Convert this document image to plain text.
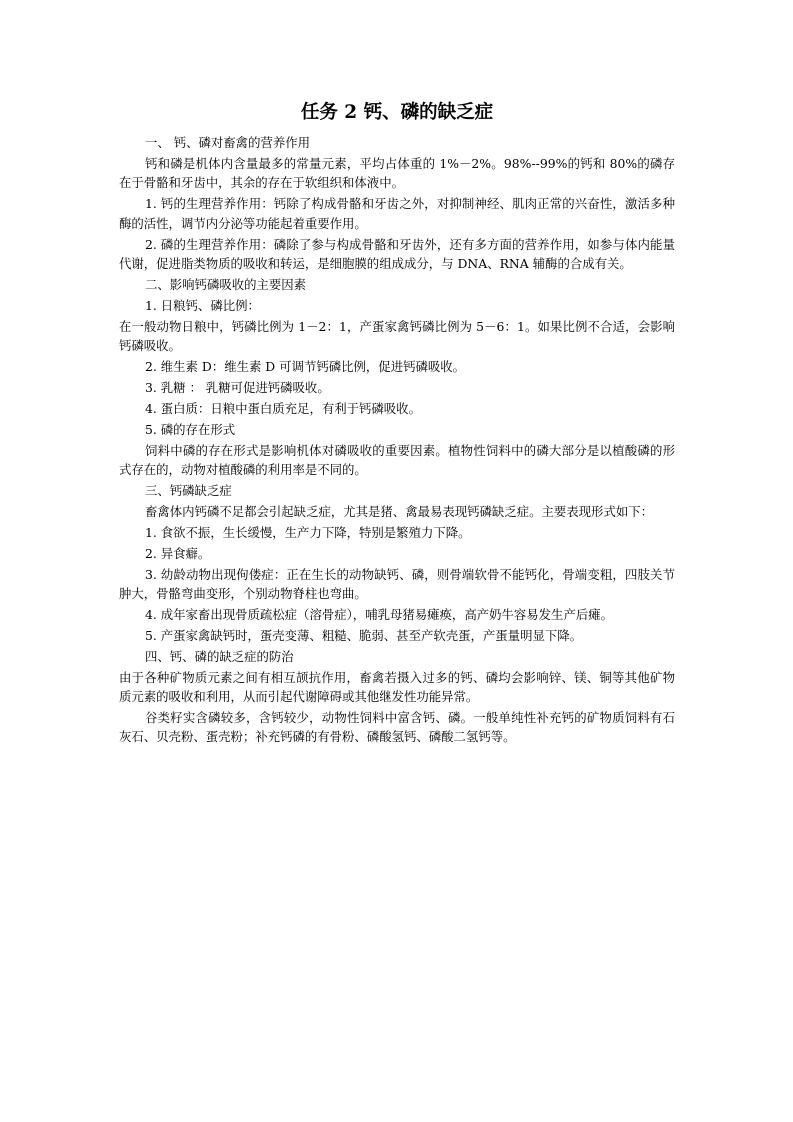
任务 2 钙、磷的缺乏症

一、 钙、磷对畜禽的营养作用

钙和磷是机体内含量最多的常量元素，平均占体重的 1%－2%。98%--99%的钙和 80%的磷存在于骨骼和牙齿中，其余的存在于软组织和体液中。

1. 钙的生理营养作用：钙除了构成骨骼和牙齿之外，对抑制神经、肌肉正常的兴奋性，激活多种酶的活性，调节内分泌等功能起着重要作用。

2. 磷的生理营养作用：磷除了参与构成骨骼和牙齿外，还有多方面的营养作用，如参与体内能量代谢，促进脂类物质的吸收和转运，是细胞膜的组成成分，与 DNA、RNA 辅酶的合成有关。

二、影响钙磷吸收的主要因素

1. 日粮钙、磷比例：

在一般动物日粮中，钙磷比例为 1－2：1，产蛋家禽钙磷比例为 5－6：1。如果比例不合适，会影响钙磷吸收。

2. 维生素 D：维生素 D 可调节钙磷比例，促进钙磷吸收。

3. 乳糖 ： 乳糖可促进钙磷吸收。

4. 蛋白质：日粮中蛋白质充足，有利于钙磷吸收。

5. 磷的存在形式

饲料中磷的存在形式是影响机体对磷吸收的重要因素。植物性饲料中的磷大部分是以植酸磷的形式存在的，动物对植酸磷的利用率是不同的。

三、钙磷缺乏症

畜禽体内钙磷不足都会引起缺乏症，尤其是猪、禽最易表现钙磷缺乏症。主要表现形式如下：

1. 食欲不振，生长缓慢，生产力下降，特别是繁殖力下降。

2. 异食癖。

3. 幼龄动物出现佝偻症：正在生长的动物缺钙、磷，则骨端软骨不能钙化，骨端变粗，四肢关节肿大，骨骼弯曲变形，个别动物脊柱也弯曲。

4. 成年家畜出现骨质疏松症（溶骨症），哺乳母猪易瘫痪，高产奶牛容易发生产后瘫。

5. 产蛋家禽缺钙时，蛋壳变薄、粗糙、脆弱、甚至产软壳蛋，产蛋量明显下降。

四、钙、磷的缺乏症的防治

由于各种矿物质元素之间有相互颉抗作用，畜禽若摄入过多的钙、磷均会影响锌、镁、铜等其他矿物质元素的吸收和利用，从而引起代谢障碍或其他继发性功能异常。

谷类籽实含磷较多，含钙较少，动物性饲料中富含钙、磷。一般单纯性补充钙的矿物质饲料有石灰石、贝壳粉、蛋壳粉；补充钙磷的有骨粉、磷酸氢钙、磷酸二氢钙等。
